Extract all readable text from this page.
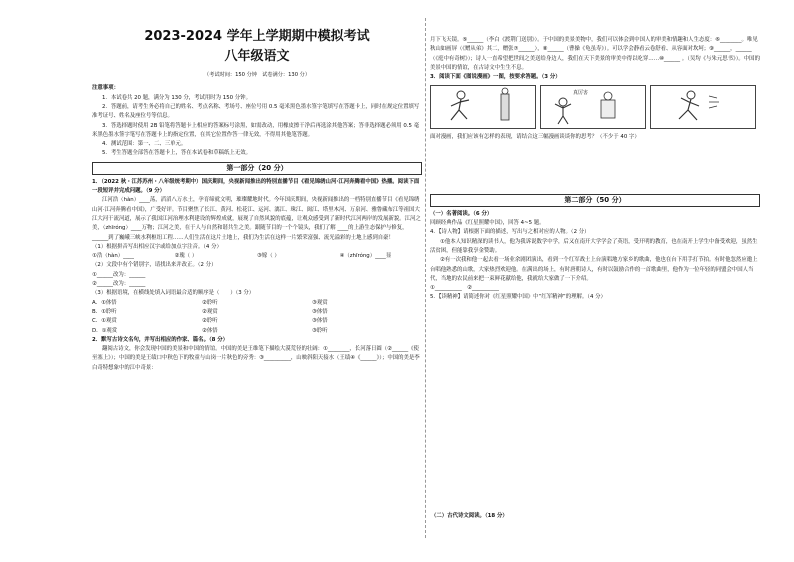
2023-2024 学年上学期期中模拟考试

八年级语文

（考试时间：150 分钟　试卷满分：130 分）

注意事项：

1．本试卷共 20 题，满分为 130 分，考试用时为 150 分钟。

2．答题前，请考生务必将自己的姓名、考点名称、考场号、座位号用 0.5 毫米黑色墨水签字笔填写在答题卡上，同时在规定位置填写准考证号、姓名及座位号等信息。

3．答选择题时使用 2B 铅笔将答题卡上相应的答案标号涂黑，如需改动，用橡皮擦干净后再选涂其他答案；答非选择题必须用 0.5 毫米黑色墨水签字笔写在答题卡上的指定位置，在其它位置作答一律无效，不得用其他笔答题。

4．测试范围：第一、二、三单元。

5．考生答题全部答在答题卡上，答在本试卷和草稿纸上无效。

第一部分（20 分）

1．（2022 秋・江苏苏州・八年级统考期中）国庆期间，央视新闻推出的特别直播节目《看见锦绣山河·江河奔腾看中国》热播。阅读下面一段短评并完成问题。（9 分）

江河浩（hàn）____荡，滔滔八万水土，孕育缔就文明，璀璨耀地时代。今年国庆期间，央视新闻推出的一档特别直播节目《看见锦绣山河·江河奔腾看中国》，广受好评。节目聚焦了长江、黄河、松花江、运河、漓江、珠江、闽江、塔里木河、万泉河、雅鲁藏布江等祖国大江大河干流河道，展示了我国江河治理水利建设的辉煌成就，展现了自然风貌的底蕴，让观众感受到了新时代江河两岸的发展新貌。江河之美，（zhīróng）____万物；江河之美，在于人与自然和谐共生之美。跟随节目的一个个镜头，我们了解 ____的上游生态保护与修复，______到了巍峨三峡水利枢纽工程……人们生活在这片土地上，我们为生活在这样一片繁荣富强、流光溢彩的土地上感到自豪！

（1）根据拼音写出相应汉字或给加点字注音。（4 分）

①浩（hàn）____	②瑰（ ）	③嫁（ ）	④（zhīróng）____显

（2）文段中有个错别字，请找出来并改正。（2 分）

①______改为：______

②______改为：______

（3）根据语境，在横线处填入词语最合适的顺序是（　　）（3 分）

A．①体悟	②聆听	③观赏
B．①聆听	②观赏	③体悟
C．①观赏	②聆听	③体悟
D．①观赏	②体悟	③聆听

2．默写古诗文名句，并写出相应的作家、篇名。（8 分）

翻阅古诗文，你会发现中国的美景和中国的情谊。中国的美是王维笔下描绘大漠荒径的壮阔：①________，长河落日圆（②______《使至塞上》）；中国的美是王绩口中秋色下的牧童与山岗一片秋色的旁秀：③__________，山映斜阳天接水（王绩④《______》）；中国的美是李白奇特想象中的江中奇景：

月下飞天镜。⑤______（李白《渡荆门送别》）。于中国的美景美物中，我们可以体会到中国人的审美和情趣和人生态度：⑥________。唯见秋山如画屏（《赠从弟》其二，赠张⑦______），⑧______（曹操《龟虽寿》）。可以学会静看云卷舒看、从容面对坎坷；⑨______，______（《庭中有奇树》）；诗人一直希望把世间之美送给身边人，我们在天下美景的审美中得以吃穿……⑩______ 。（吴均《与朱元思书》）。中国的美景中国的情谊，在古诗文中生生不息。

3．阅读下面《图说漫画》一图，按要求答题。（3 分）

真厉害

面对漫画，我们应该有怎样的表现，请结合这三幅漫画谈谈你的思考？（不少于 40 字）

第二部分（50 分）

（一）名著阅读。（6 分）

回顾经典作品《红星照耀中国》，回答 4~5 题。

4．【诗人物】请根据下面的描述，写出与之相对应的人物。（2 分）

①他本人知识精深的读书人，他为我诉说数学中学，后又在南开大学学会了英语，受开明的教育，也在南开上学生中备受欢迎，虽然生活贫困，但能靠我享金赞助。

②有一次我和他一起去看一场业余剧团演出，看到一个红军战士上台演唱地方家乡的歌曲，他也在台下用手打节拍。有时他忽然应邀上台唱他熟悉的山歌，大家热烈欢迎他。在满出的场上，有时唐朝诗人，有时以鼓励合作的一首歌曲里，他作为一位年轻的同盟会中国人当代，当地的农民前来把一束鲜花献给他，我就给大家做了一下介绍。

①__________　②__________

5．【读精神】请简述你对《红星照耀中国》中“红军精神”的理解。（4 分）

（二）古代诗文阅读。（18 分）
